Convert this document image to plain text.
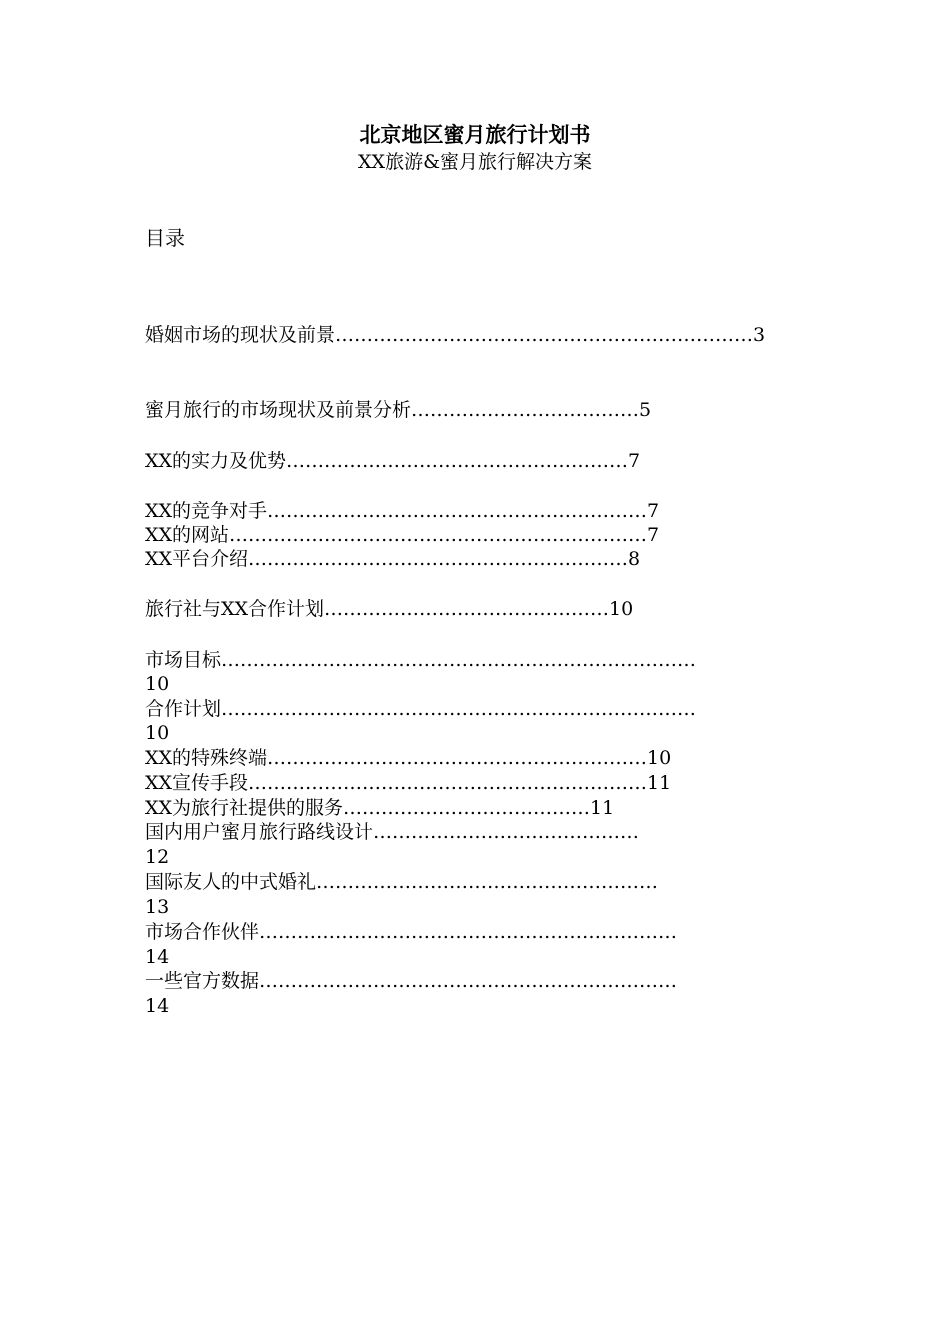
北京地区蜜月旅行计划书
XX旅游&蜜月旅行解决方案
目录
婚姻市场的现状及前景…………………………………………………………3
蜜月旅行的市场现状及前景分析………………………………5
XX的实力及优势………………………………………………7
XX的竞争对手……………………………………………………7
XX的网站…………………………………………………………7
XX平台介绍……………………………………………………8
旅行社与XX合作计划………………………………………10
市场目标…………………………………………………………………
10
合作计划…………………………………………………………………
10
XX的特殊终端……………………………………………………10
XX宣传手段………………………………………………………11
XX为旅行社提供的服务…………………………………11
国内用户蜜月旅行路线设计……………………………………
12
国际友人的中式婚礼………………………………………………
13
市场合作伙伴…………………………………………………………
14
一些官方数据…………………………………………………………
14
